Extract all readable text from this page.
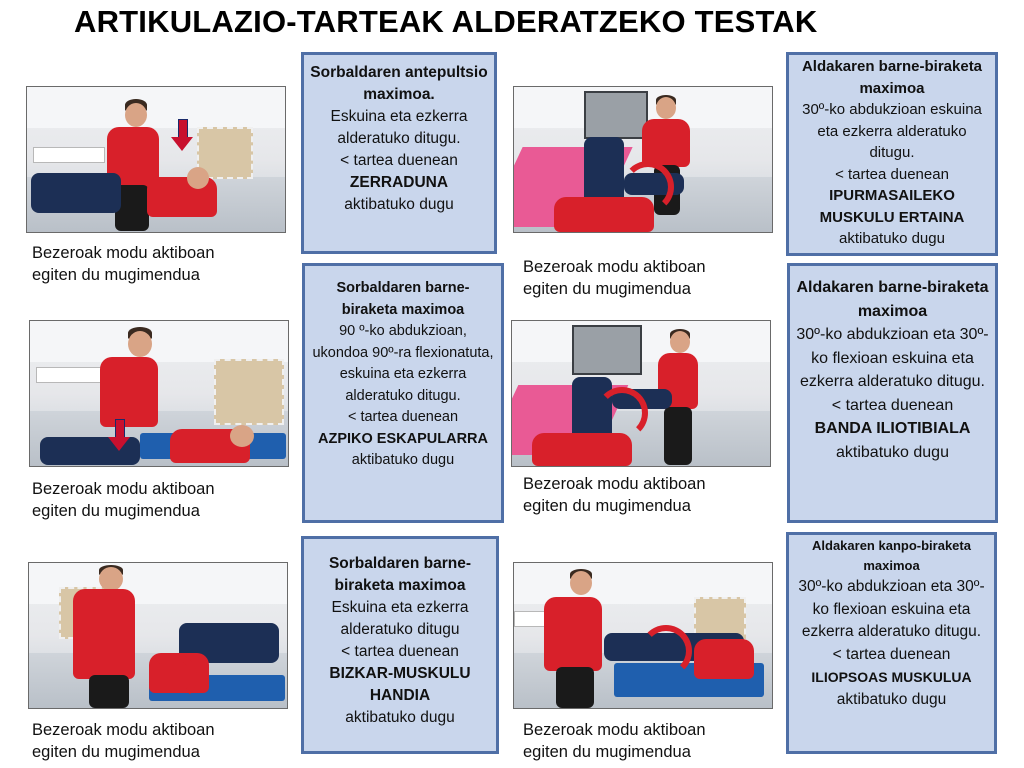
ARTIKULAZIO-TARTEAK ALDERATZEKO TESTAK
Bezeroak modu aktiboan
egiten du mugimendua
Bezeroak modu aktiboan
egiten du mugimendua
Bezeroak modu aktiboan
egiten du mugimendua
Bezeroak modu aktiboan
egiten du mugimendua
Bezeroak modu aktiboan
egiten du mugimendua
Bezeroak modu aktiboan
egiten du mugimendua
Sorbaldaren antepultsio maximoa.
Eskuina eta ezkerra alderatuko ditugu.
< tartea duenean
ZERRADUNA
aktibatuko dugu
Sorbaldaren barne-biraketa maximoa
90 º-ko abdukzioan, ukondoa 90º-ra flexionatuta, eskuina eta ezkerra alderatuko ditugu.
< tartea duenean
AZPIKO ESKAPULARRA
aktibatuko dugu
Sorbaldaren barne-biraketa maximoa
Eskuina eta ezkerra alderatuko ditugu
< tartea duenean
BIZKAR-MUSKULU HANDIA
aktibatuko dugu
Aldakaren barne-biraketa maximoa
30º-ko abdukzioan eskuina eta ezkerra alderatuko ditugu.
< tartea duenean
IPURMASAILEKO MUSKULU ERTAINA
aktibatuko dugu
Aldakaren barne-biraketa maximoa
30º-ko abdukzioan eta 30º-ko flexioan eskuina eta ezkerra alderatuko ditugu.
< tartea duenean
BANDA ILIOTIBIALA
aktibatuko dugu
Aldakaren kanpo-biraketa maximoa
30º-ko abdukzioan eta 30º-ko flexioan eskuina eta ezkerra alderatuko ditugu.
< tartea duenean
ILIOPSOAS MUSKULUA
aktibatuko dugu
